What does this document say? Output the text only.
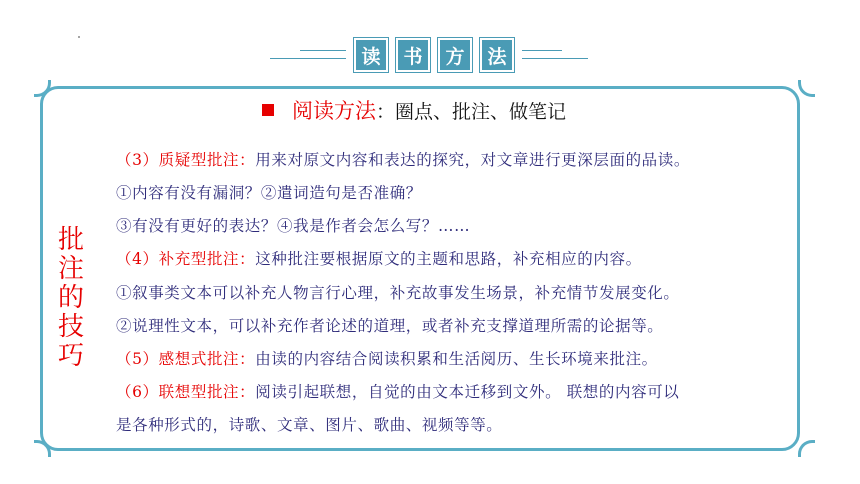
读	书	方	法
阅读方法 ：圈点、批注、做笔记
批
注
的
技
巧
（3）质疑型批注：用来对原文内容和表达的探究，对文章进行更深层面的品读。
①内容有没有漏洞？②遣词造句是否准确？
③有没有更好的表达？④我是作者会怎么写？……
（4）补充型批注：这种批注要根据原文的主题和思路，补充相应的内容。
①叙事类文本可以补充人物言行心理，补充故事发生场景，补充情节发展变化。
②说理性文本，可以补充作者论述的道理，或者补充支撑道理所需的论据等。
（5）感想式批注：由读的内容结合阅读积累和生活阅历、生长环境来批注。
（6）联想型批注：阅读引起联想，自觉的由文本迁移到文外。 联想的内容可以
是各种形式的，诗歌、文章、图片、歌曲、视频等等。
